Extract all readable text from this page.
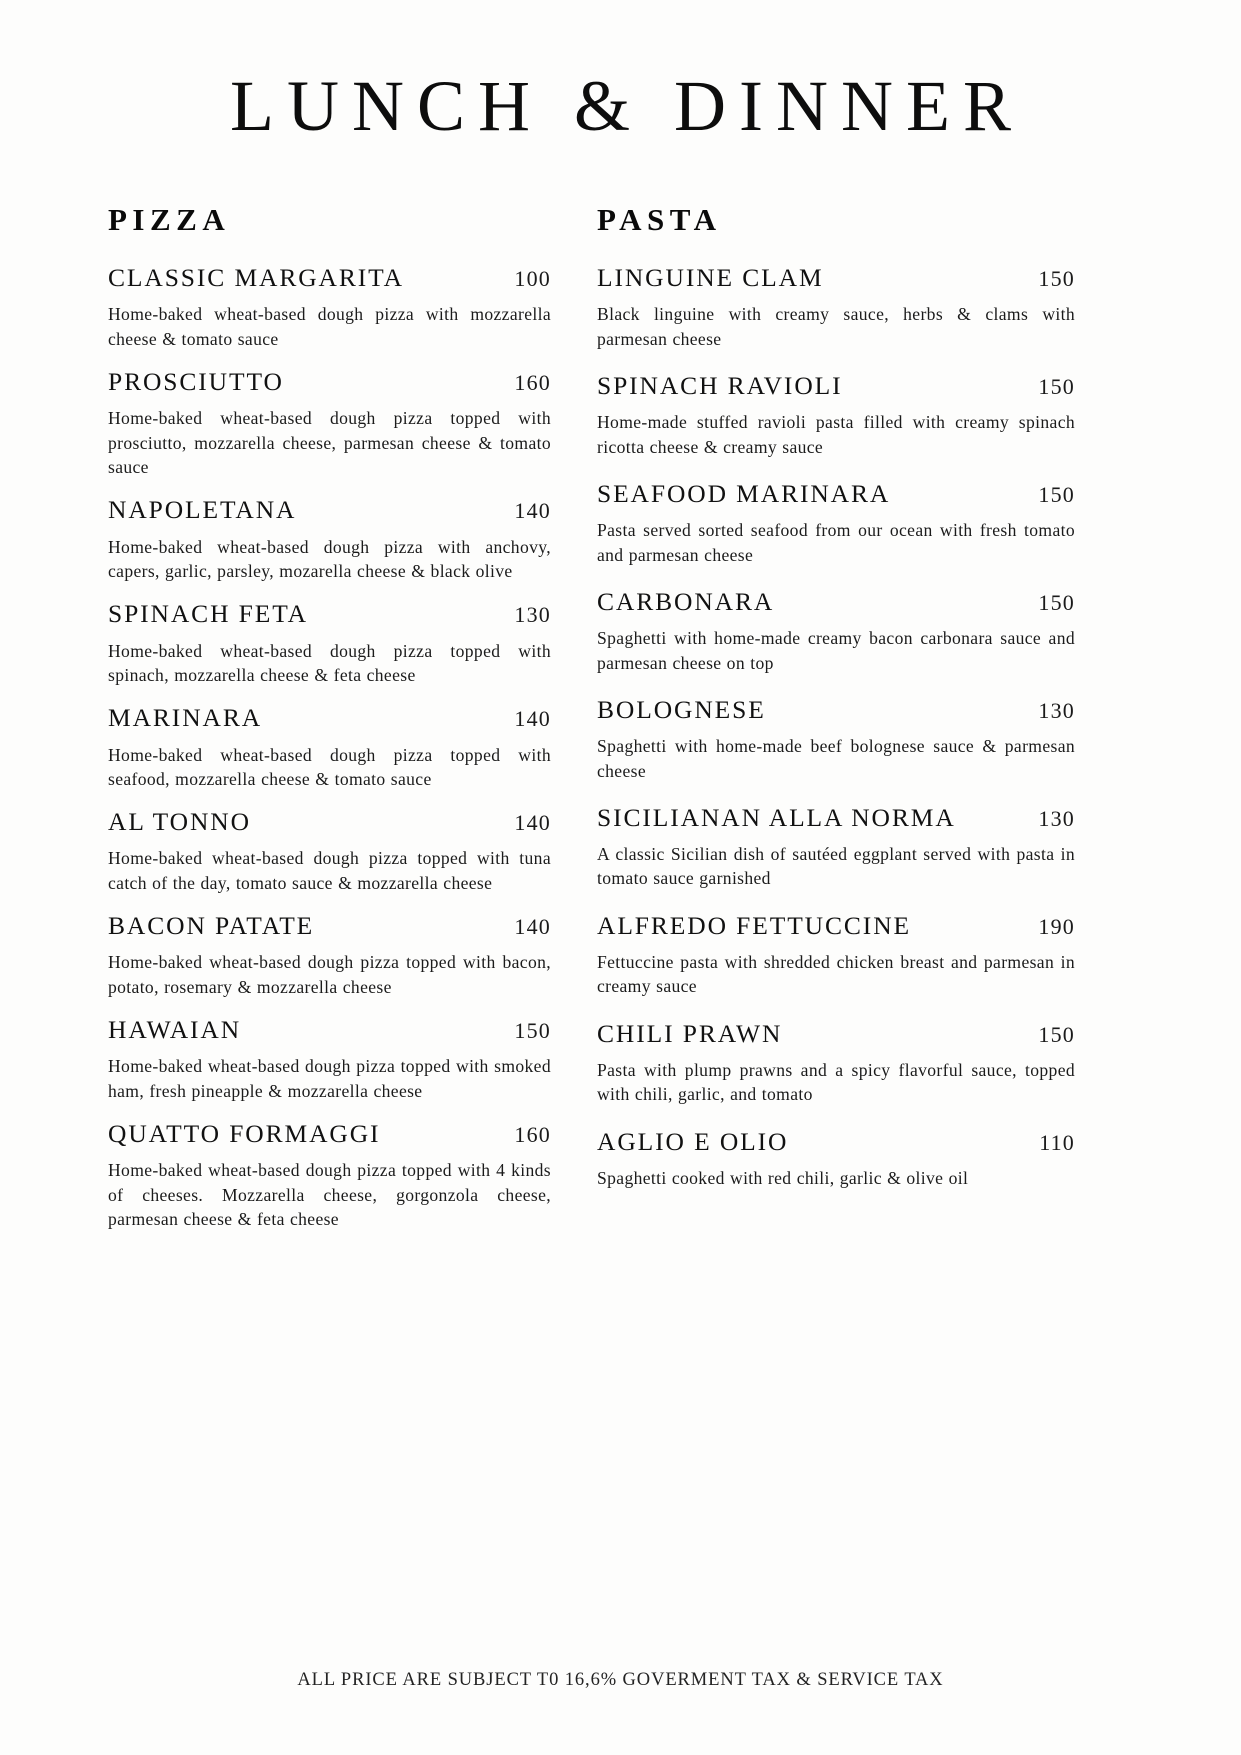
LUNCH & DINNER
PIZZA
CLASSIC MARGARITA	100
Home-baked wheat-based dough pizza with mozzarella cheese & tomato sauce
PROSCIUTTO	160
Home-baked wheat-based dough pizza topped with prosciutto, mozzarella cheese, parmesan cheese & tomato sauce
NAPOLETANA	140
Home-baked wheat-based dough pizza with anchovy, capers, garlic, parsley, mozarella cheese & black olive
SPINACH FETA	130
Home-baked wheat-based dough pizza topped with spinach, mozzarella cheese & feta cheese
MARINARA	140
Home-baked wheat-based dough pizza topped with seafood, mozzarella cheese & tomato sauce
AL TONNO	140
Home-baked wheat-based dough pizza topped with tuna catch of the day, tomato sauce & mozzarella cheese
BACON PATATE	140
Home-baked wheat-based dough pizza topped with bacon, potato, rosemary & mozzarella cheese
HAWAIAN	150
Home-baked wheat-based dough pizza topped with smoked ham, fresh pineapple & mozzarella cheese
QUATTO FORMAGGI	160
Home-baked wheat-based dough pizza topped with 4 kinds of cheeses. Mozzarella cheese, gorgonzola cheese, parmesan cheese & feta cheese
PASTA
LINGUINE CLAM	150
Black linguine with creamy sauce, herbs & clams with parmesan cheese
SPINACH RAVIOLI	150
Home-made stuffed ravioli pasta filled with creamy spinach ricotta cheese & creamy sauce
SEAFOOD MARINARA	150
Pasta served sorted seafood from our ocean with fresh tomato and parmesan cheese
CARBONARA	150
Spaghetti with home-made creamy bacon carbonara sauce and parmesan cheese on top
BOLOGNESE	130
Spaghetti with home-made beef bolognese sauce & parmesan cheese
SICILIANAN ALLA NORMA	130
A classic Sicilian dish of sautéed eggplant served with pasta in tomato sauce garnished
ALFREDO FETTUCCINE	190
Fettuccine pasta with shredded chicken breast and parmesan in creamy sauce
CHILI PRAWN	150
Pasta with plump prawns and a spicy flavorful sauce, topped with chili, garlic, and tomato
AGLIO E OLIO	110
Spaghetti cooked with red chili, garlic & olive oil
ALL PRICE ARE SUBJECT T0 16,6% GOVERMENT TAX & SERVICE TAX
